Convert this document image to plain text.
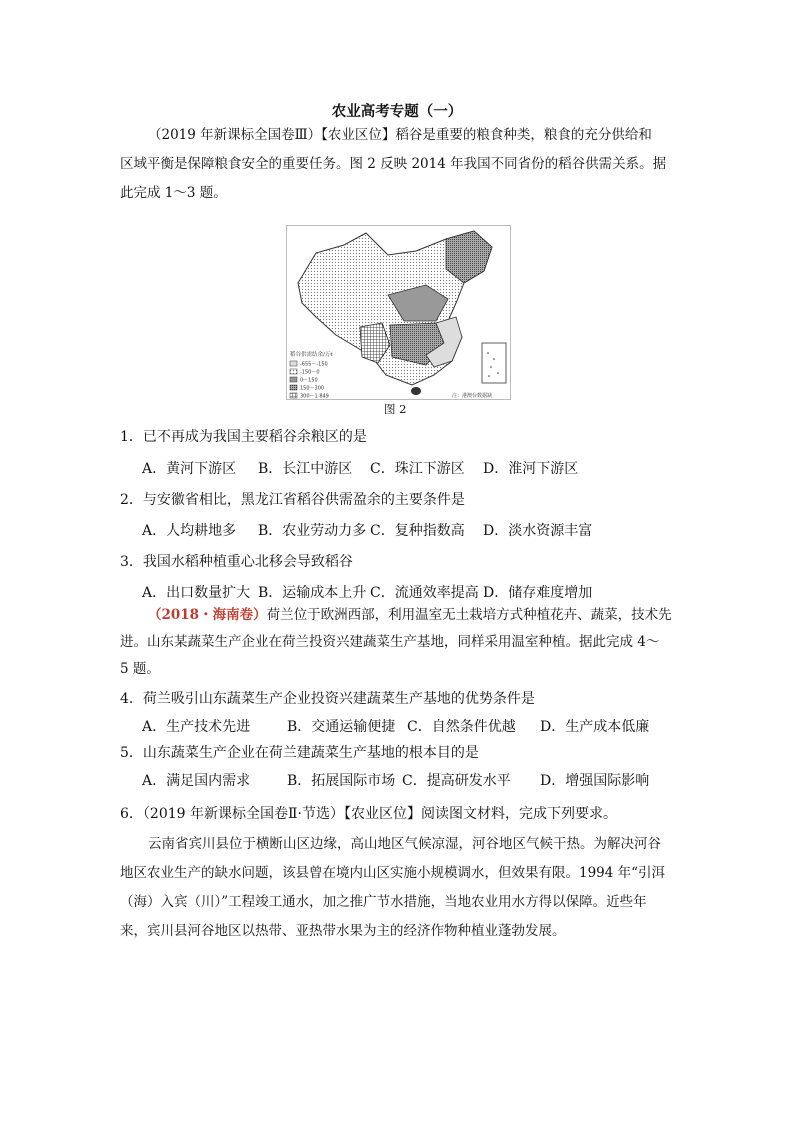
农业高考专题（一）
（2019 年新课标全国卷Ⅲ）【农业区位】稻谷是重要的粮食种类，粮食的充分供给和
区域平衡是保障粮食安全的重要任务。图 2 反映 2014 年我国不同省份的稻谷供需关系。据
此完成 1～3 题。
稻谷供需结余/万t
-655～-150
-150～0
0～150
150～300
300～1 849	注：港澳台数据缺
图 2
1．已不再成为我国主要稻谷余粮区的是
A．黄河下游区 B．长江中游区 C．珠江下游区 D．淮河下游区
2．与安徽省相比，黑龙江省稻谷供需盈余的主要条件是
A．人均耕地多 B．农业劳动力多 C．复种指数高 D．淡水资源丰富
3．我国水稻种植重心北移会导致稻谷
A．出口数量扩大 B．运输成本上升 C．流通效率提高 D．储存难度增加
（2018・海南卷）荷兰位于欧洲西部，利用温室无土栽培方式种植花卉、蔬菜，技术先
进。山东某蔬菜生产企业在荷兰投资兴建蔬菜生产基地，同样采用温室种植。据此完成 4～
5 题。
4．荷兰吸引山东蔬菜生产企业投资兴建蔬菜生产基地的优势条件是
A．生产技术先进	B．交通运输便捷 C．自然条件优越 D．生产成本低廉
5．山东蔬菜生产企业在荷兰建蔬菜生产基地的根本目的是
A．满足国内需求	B．拓展国际市场 C．提高研发水平 D．增强国际影响
6．（2019 年新课标全国卷Ⅱ·节选）【农业区位】阅读图文材料，完成下列要求。
云南省宾川县位于横断山区边缘，高山地区气候凉湿，河谷地区气候干热。为解决河谷
地区农业生产的缺水问题，该县曾在境内山区实施小规模调水，但效果有限。1994 年“引洱
（海）入宾（川）”工程竣工通水，加之推广节水措施，当地农业用水方得以保障。近些年
来，宾川县河谷地区以热带、亚热带水果为主的经济作物种植业蓬勃发展。
